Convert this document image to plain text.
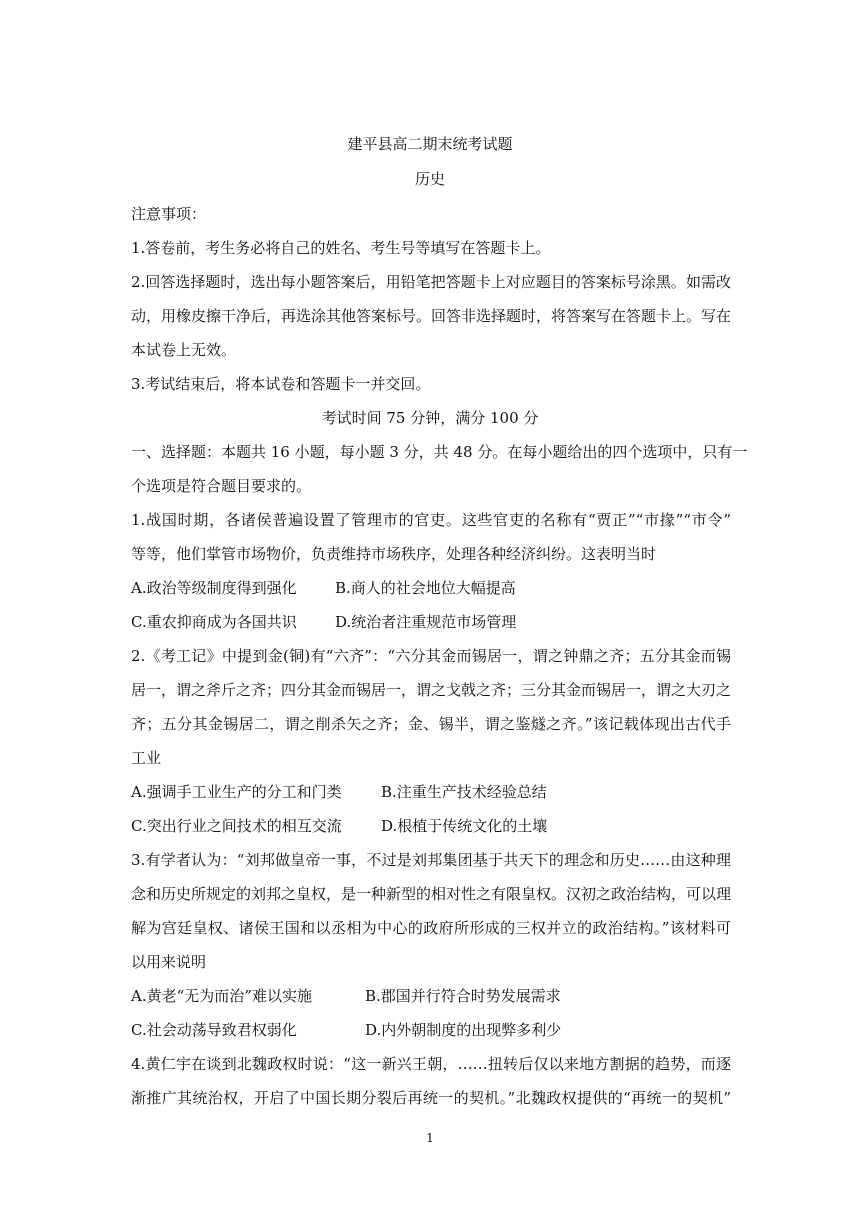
建平县高二期末统考试题
历史
注意事项：
1.答卷前，考生务必将自己的姓名、考生号等填写在答题卡上。
2.回答选择题时，选出每小题答案后，用铅笔把答题卡上对应题目的答案标号涂黑。如需改
动，用橡皮擦干净后，再选涂其他答案标号。回答非选择题时，将答案写在答题卡上。写在
本试卷上无效。
3.考试结束后，将本试卷和答题卡一并交回。
考试时间 75 分钟，满分 100 分
一、选择题：本题共 16 小题，每小题 3 分，共 48 分。在每小题给出的四个选项中，只有一
个选项是符合题目要求的。
1.战国时期，各诸侯普遍设置了管理市的官吏。这些官吏的名称有“贾正”“市掾”“市令”
等等，他们掌管市场物价，负责维持市场秩序，处理各种经济纠纷。这表明当时
A.政治等级制度得到强化	B.商人的社会地位大幅提高
C.重农抑商成为各国共识	D.统治者注重规范市场管理
2.《考工记》中提到金(铜)有“六齐”：“六分其金而锡居一，谓之钟鼎之齐；五分其金而锡
居一，谓之斧斤之齐；四分其金而锡居一，谓之戈戟之齐；三分其金而锡居一，谓之大刃之
齐；五分其金锡居二，谓之削杀矢之齐；金、锡半，谓之鉴燧之齐。”该记载体现出古代手
工业
A.强调手工业生产的分工和门类	B.注重生产技术经验总结
C.突出行业之间技术的相互交流	D.根植于传统文化的土壤
3.有学者认为：“刘邦做皇帝一事，不过是刘邦集团基于共天下的理念和历史……由这种理
念和历史所规定的刘邦之皇权，是一种新型的相对性之有限皇权。汉初之政治结构，可以理
解为宫廷皇权、诸侯王国和以丞相为中心的政府所形成的三权并立的政治结构。”该材料可
以用来说明
A.黄老“无为而治”难以实施	B.郡国并行符合时势发展需求
C.社会动荡导致君权弱化	D.内外朝制度的出现弊多利少
4.黄仁宇在谈到北魏政权时说：“这一新兴王朝，……扭转后仅以来地方割据的趋势，而逐
渐推广其统治权，开启了中国长期分裂后再统一的契机。”北魏政权提供的“再统一的契机”
1
